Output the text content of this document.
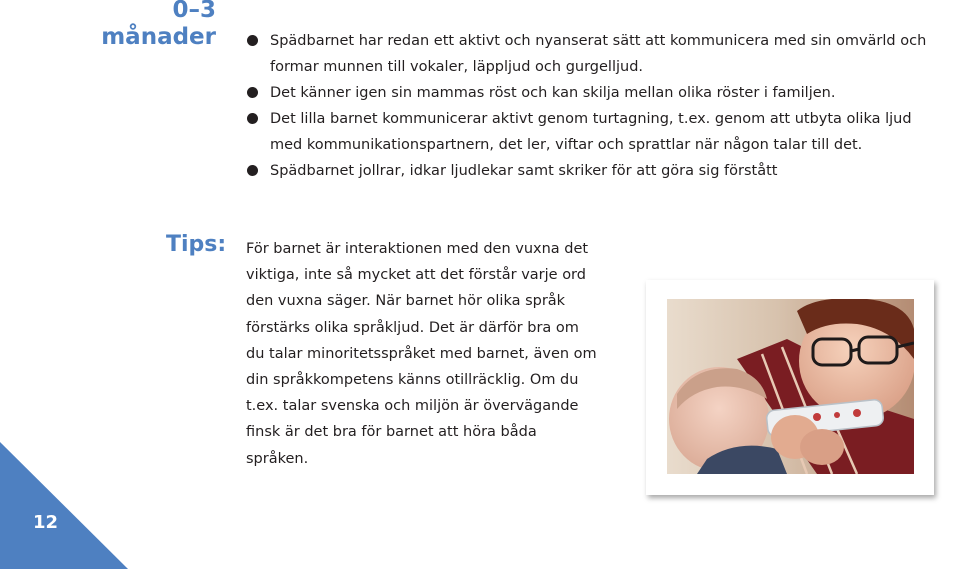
0–3
månader	Spädbarnet har redan ett aktivt och nyanserat sätt att kommunicera med sin omvärld och formar munnen till vokaler, läppljud och gurgelljud.
Det känner igen sin mammas röst och kan skilja mellan olika röster i familjen.
Det lilla barnet kommunicerar aktivt genom turtagning, t.ex. genom att utbyta olika ljud med kommunikationspartnern, det ler, viftar och sprattlar när någon talar till det.
Spädbarnet jollrar, idkar ljudlekar samt skriker för att göra sig förstått
Tips: För barnet är interaktionen med den vuxna det viktiga, inte så mycket att det förstår varje ord den vuxna säger. När barnet hör olika språk förstärks olika språkljud. Det är därför bra om du talar minoritetsspråket med barnet, även om din språkkompetens känns otillräcklig. Om du t.ex. talar svenska och miljön är övervägande finsk är det bra för barnet att höra båda språken.

12
